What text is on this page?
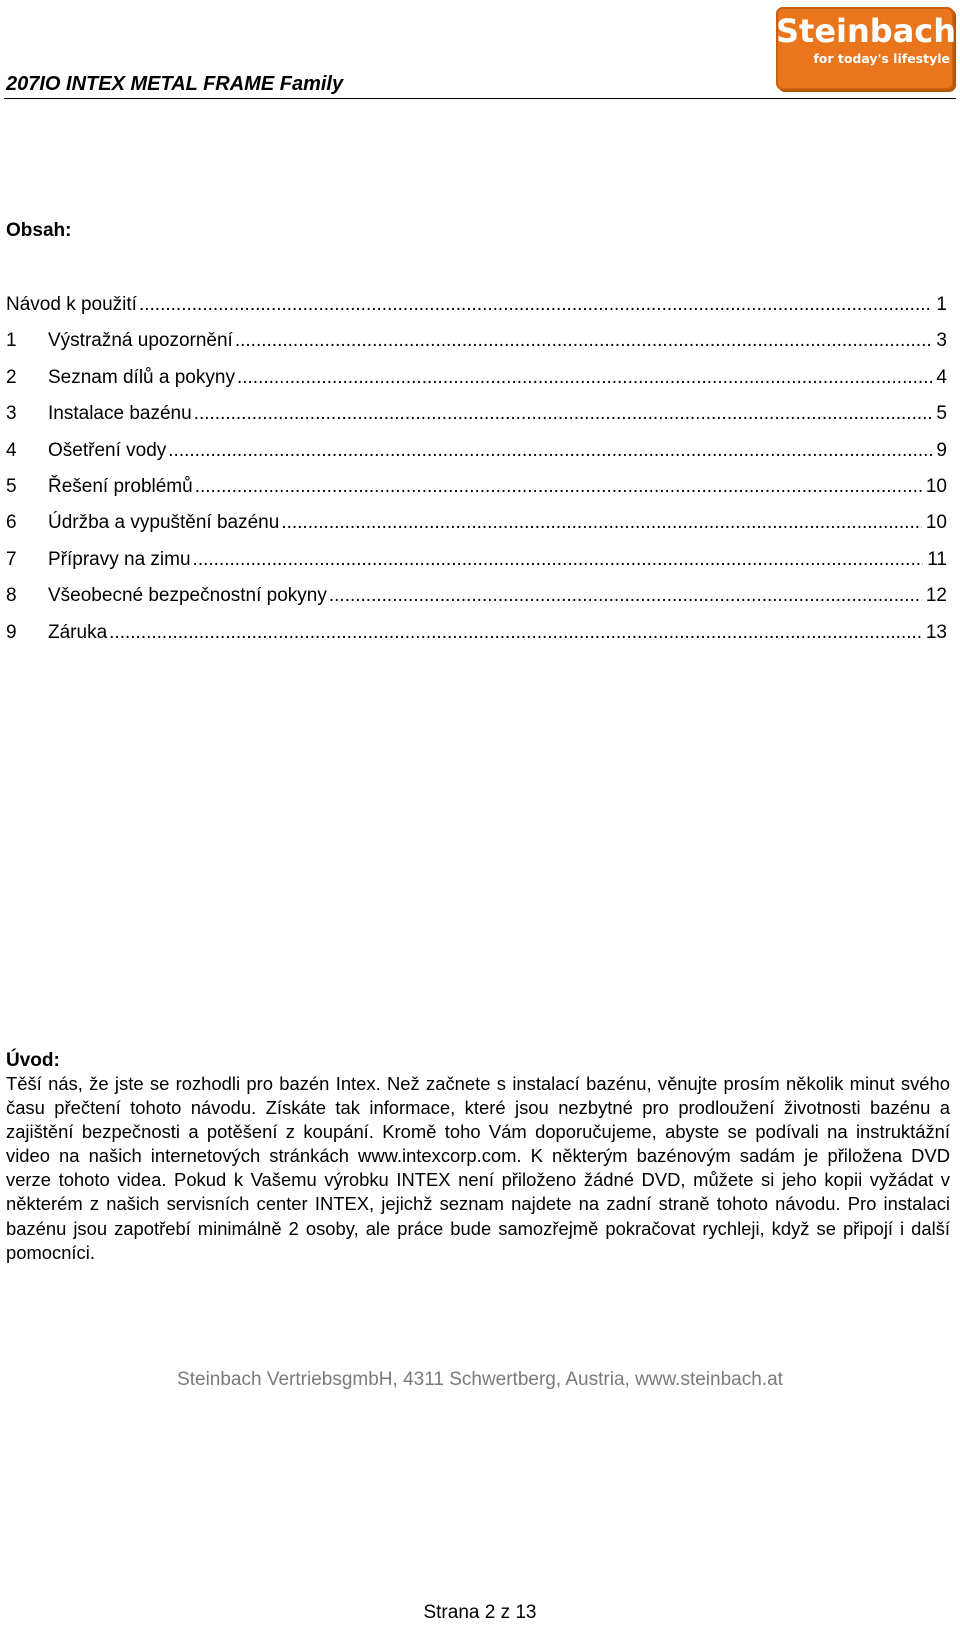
207IO INTEX METAL FRAME Family
Steinbach
for today's lifestyle
Obsah:
Návod k použití .....	1
1	Výstražná upozornění .....	3
2	Seznam dílů a pokyny .....	4
3	Instalace bazénu .....	5
4	Ošetření vody .....	9
5	Řešení problémů .....	10
6	Údržba a vypuštění bazénu .....	10
7	Přípravy na zimu .....	11
8	Všeobecné bezpečnostní pokyny .....	12
9	Záruka .....	13
Úvod:

Těší nás, že jste se rozhodli pro bazén Intex. Než začnete s instalací bazénu, věnujte prosím několik minut svého času přečtení tohoto návodu. Získáte tak informace, které jsou nezbytné pro prodloužení životnosti bazénu a zajištění bezpečnosti a potěšení z koupání. Kromě toho Vám doporučujeme, abyste se podívali na instruktážní video na našich internetových stránkách www.intexcorp.com. K některým bazénovým sadám je přiložena DVD verze tohoto videa. Pokud k Vašemu výrobku INTEX není přiloženo žádné DVD, můžete si jeho kopii vyžádat v některém z našich servisních center INTEX, jejichž seznam najdete na zadní straně tohoto návodu. Pro instalaci bazénu jsou zapotřebí minimálně 2 osoby, ale práce bude samozřejmě pokračovat rychleji, když se připojí i další pomocníci.

Steinbach VertriebsgmbH, 4311 Schwertberg, Austria, www.steinbach.at
Strana 2 z 13
